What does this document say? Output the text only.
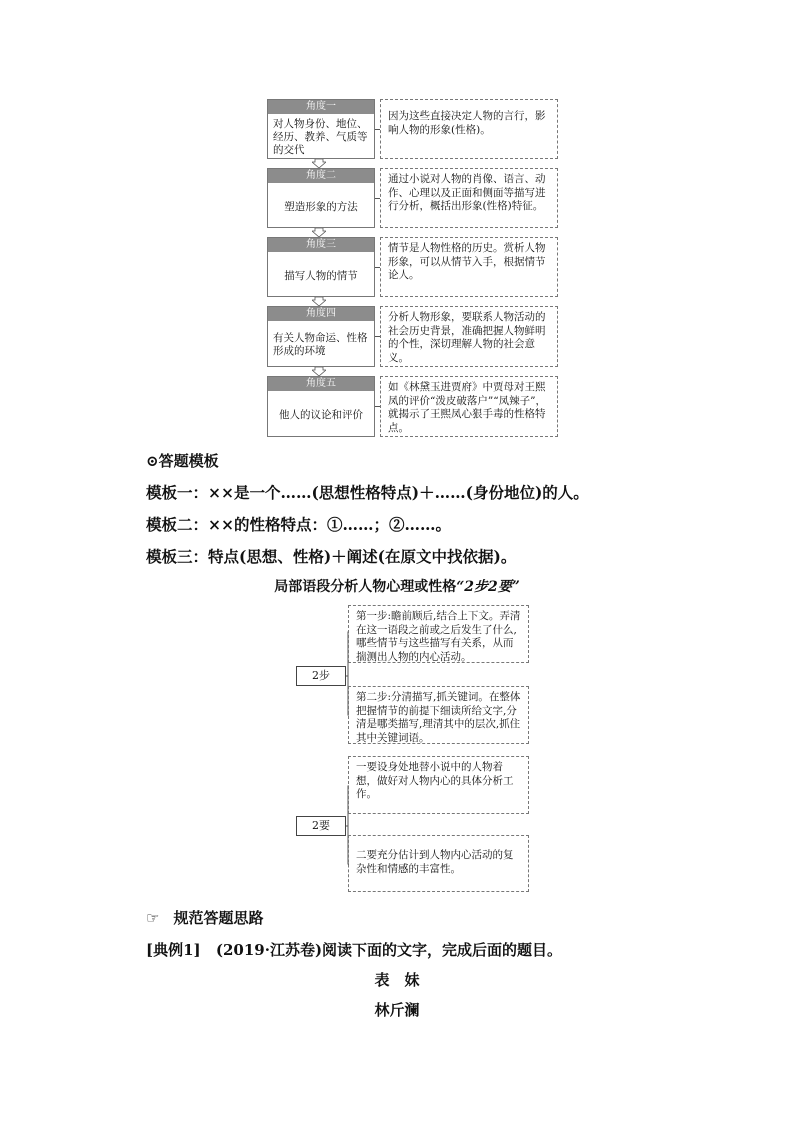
角度一
对人物身份、地位、经历、教养、气质等的交代
因为这些直接决定人物的言行，影响人物的形象(性格)。
角度二
塑造形象的方法
通过小说对人物的肖像、语言、动作、心理以及正面和侧面等描写进行分析，概括出形象(性格)特征。
角度三
描写人物的情节
情节是人物性格的历史。赏析人物形象，可以从情节入手，根据情节论人。
角度四
有关人物命运、性格形成的环境
分析人物形象，要联系人物活动的社会历史背景，准确把握人物鲜明的个性，深切理解人物的社会意义。
角度五
他人的议论和评价
如《林黛玉进贾府》中贾母对王熙凤的评价“泼皮破落户”“凤辣子”，就揭示了王熙凤心狠手毒的性格特点。
⊙答题模板
模板一：××是一个……(思想性格特点)＋……(身份地位)的人。
模板二：××的性格特点：①……；②……。
模板三：特点(思想、性格)＋阐述(在原文中找依据)。
局部语段分析人物心理或性格“2步2要”
2步
第一步:瞻前顾后,结合上下文。弄清在这一语段之前或之后发生了什么,哪些情节与这些描写有关系，从而揣测出人物的内心活动。
第二步:分清描写,抓关键词。在整体把握情节的前提下细读所给文字,分清是哪类描写,理清其中的层次,抓住其中关键词语。
2要
一要设身处地替小说中的人物着想，做好对人物内心的具体分析工作。
二要充分估计到人物内心活动的复杂性和情感的丰富性。
☞ 规范答题思路
[典例1] (2019·江苏卷)阅读下面的文字，完成后面的题目。
表　妹
林斤澜
